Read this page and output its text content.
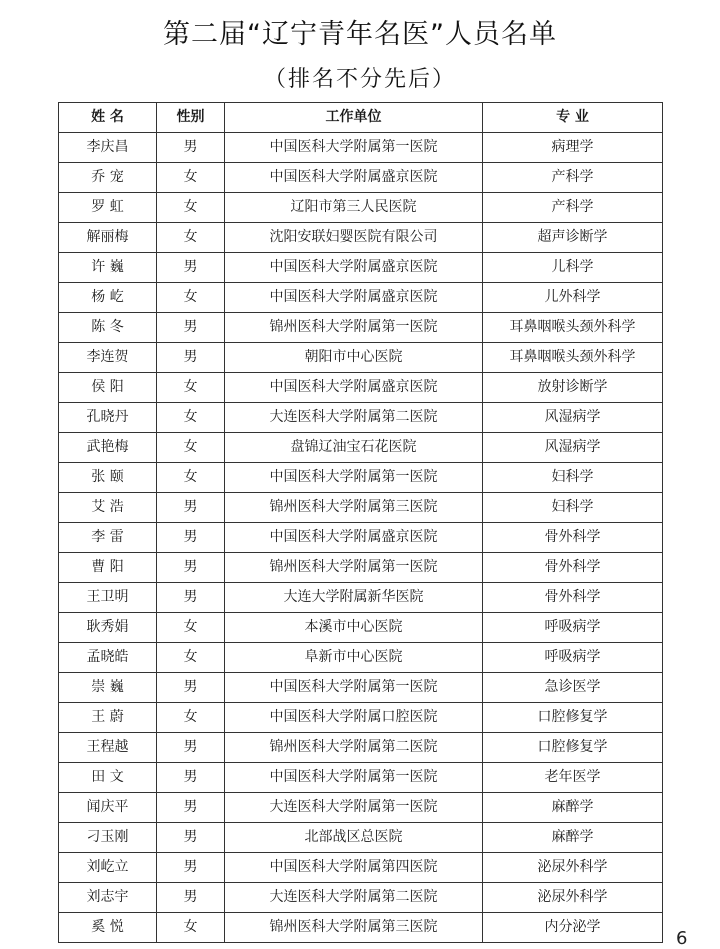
第二届“辽宁青年名医”人员名单
（排名不分先后）
姓 名	性别	工作单位	专 业
李庆昌	男	中国医科大学附属第一医院	病理学
乔 宠	女	中国医科大学附属盛京医院	产科学
罗 虹	女	辽阳市第三人民医院	产科学
解丽梅	女	沈阳安联妇婴医院有限公司	超声诊断学
许 巍	男	中国医科大学附属盛京医院	儿科学
杨 屹	女	中国医科大学附属盛京医院	儿外科学
陈 冬	男	锦州医科大学附属第一医院	耳鼻咽喉头颈外科学
李连贺	男	朝阳市中心医院	耳鼻咽喉头颈外科学
侯 阳	女	中国医科大学附属盛京医院	放射诊断学
孔晓丹	女	大连医科大学附属第二医院	风湿病学
武艳梅	女	盘锦辽油宝石花医院	风湿病学
张 颐	女	中国医科大学附属第一医院	妇科学
艾 浩	男	锦州医科大学附属第三医院	妇科学
李 雷	男	中国医科大学附属盛京医院	骨外科学
曹 阳	男	锦州医科大学附属第一医院	骨外科学
王卫明	男	大连大学附属新华医院	骨外科学
耿秀娟	女	本溪市中心医院	呼吸病学
孟晓皓	女	阜新市中心医院	呼吸病学
崇 巍	男	中国医科大学附属第一医院	急诊医学
王 蔚	女	中国医科大学附属口腔医院	口腔修复学
王程越	男	锦州医科大学附属第二医院	口腔修复学
田 文	男	中国医科大学附属第一医院	老年医学
闻庆平	男	大连医科大学附属第一医院	麻醉学
刁玉刚	男	北部战区总医院	麻醉学
刘屹立	男	中国医科大学附属第四医院	泌尿外科学
刘志宇	男	大连医科大学附属第二医院	泌尿外科学
奚 悦	女	锦州医科大学附属第三医院	内分泌学
6
